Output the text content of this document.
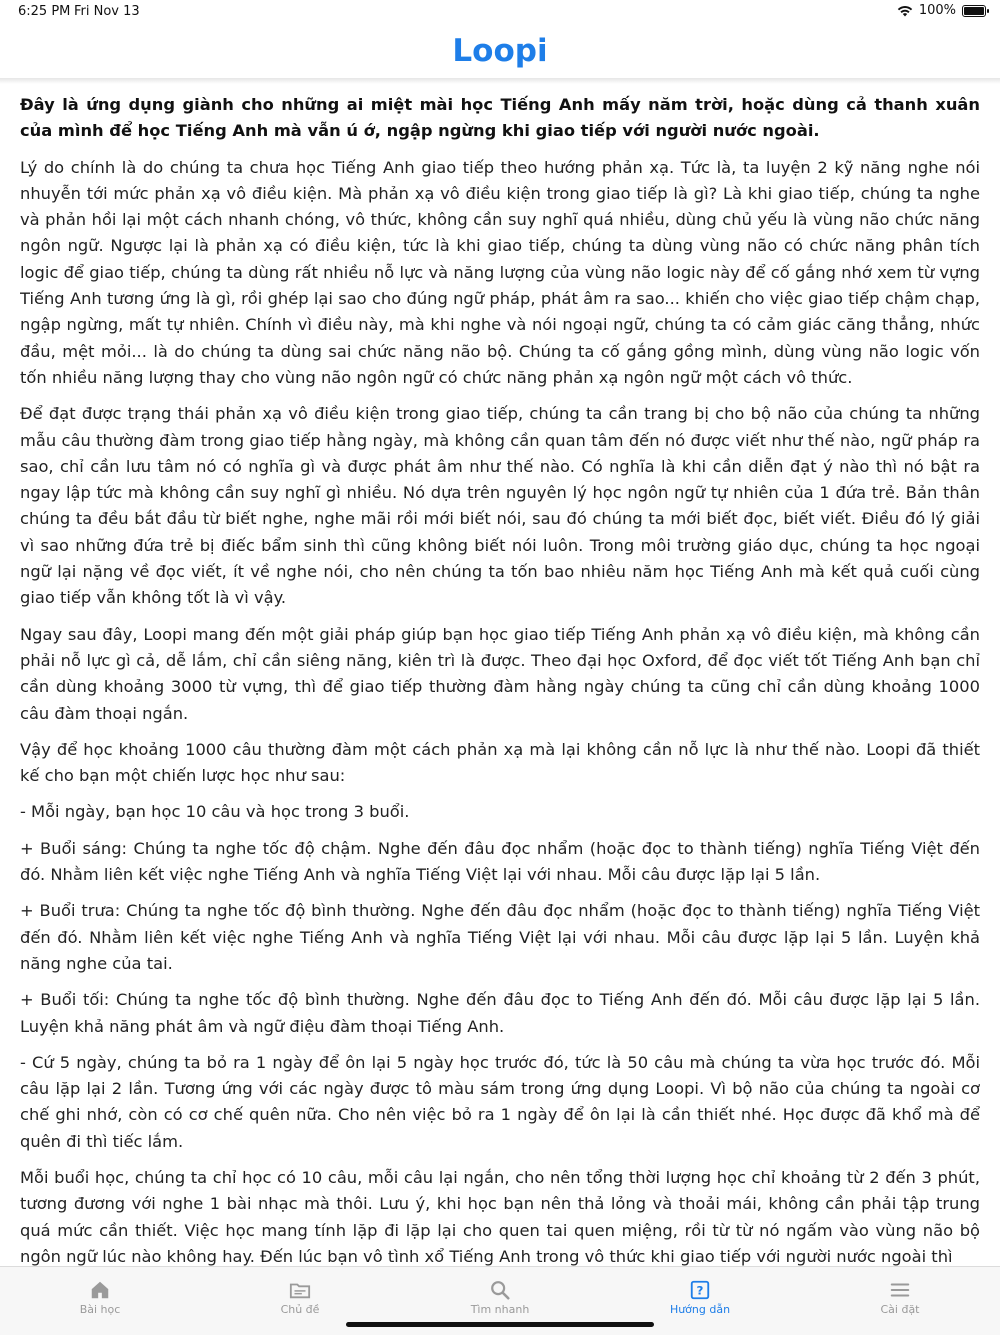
6:25 PM Fri Nov 13	100%
Loopi

Đây là ứng dụng giành cho những ai miệt mài học Tiếng Anh mấy năm trời, hoặc dùng cả thanh xuân của mình để học Tiếng Anh mà vẫn ú ớ, ngập ngừng khi giao tiếp với người nước ngoài.

Lý do chính là do chúng ta chưa học Tiếng Anh giao tiếp theo hướng phản xạ. Tức là, ta luyện 2 kỹ năng nghe nói nhuyễn tới mức phản xạ vô điều kiện. Mà phản xạ vô điều kiện trong giao tiếp là gì? Là khi giao tiếp, chúng ta nghe và phản hồi lại một cách nhanh chóng, vô thức, không cần suy nghĩ quá nhiều, dùng chủ yếu là vùng não chức năng ngôn ngữ. Ngược lại là phản xạ có điều kiện, tức là khi giao tiếp, chúng ta dùng vùng não có chức năng phân tích logic để giao tiếp, chúng ta dùng rất nhiều nỗ lực và năng lượng của vùng não logic này để cố gắng nhớ xem từ vựng Tiếng Anh tương ứng là gì, rồi ghép lại sao cho đúng ngữ pháp, phát âm ra sao... khiến cho việc giao tiếp chậm chạp, ngập ngừng, mất tự nhiên. Chính vì điều này, mà khi nghe và nói ngoại ngữ, chúng ta có cảm giác căng thẳng, nhức đầu, mệt mỏi... là do chúng ta dùng sai chức năng não bộ. Chúng ta cố gắng gồng mình, dùng vùng não logic vốn tốn nhiều năng lượng thay cho vùng não ngôn ngữ có chức năng phản xạ ngôn ngữ một cách vô thức.

Để đạt được trạng thái phản xạ vô điều kiện trong giao tiếp, chúng ta cần trang bị cho bộ não của chúng ta những mẫu câu thường đàm trong giao tiếp hằng ngày, mà không cần quan tâm đến nó được viết như thế nào, ngữ pháp ra sao, chỉ cần lưu tâm nó có nghĩa gì và được phát âm như thế nào. Có nghĩa là khi cần diễn đạt ý nào thì nó bật ra ngay lập tức mà không cần suy nghĩ gì nhiều. Nó dựa trên nguyên lý học ngôn ngữ tự nhiên của 1 đứa trẻ. Bản thân chúng ta đều bắt đầu từ biết nghe, nghe mãi rồi mới biết nói, sau đó chúng ta mới biết đọc, biết viết. Điều đó lý giải vì sao những đứa trẻ bị điếc bẩm sinh thì cũng không biết nói luôn. Trong môi trường giáo dục, chúng ta học ngoại ngữ lại nặng về đọc viết, ít về nghe nói, cho nên chúng ta tốn bao nhiêu năm học Tiếng Anh mà kết quả cuối cùng giao tiếp vẫn không tốt là vì vậy.

Ngay sau đây, Loopi mang đến một giải pháp giúp bạn học giao tiếp Tiếng Anh phản xạ vô điều kiện, mà không cần phải nỗ lực gì cả, dễ lắm, chỉ cần siêng năng, kiên trì là được. Theo đại học Oxford, để đọc viết tốt Tiếng Anh bạn chỉ cần dùng khoảng 3000 từ vựng, thì để giao tiếp thường đàm hằng ngày chúng ta cũng chỉ cần dùng khoảng 1000 câu đàm thoại ngắn.

Vậy để học khoảng 1000 câu thường đàm một cách phản xạ mà lại không cần nỗ lực là như thế nào. Loopi đã thiết kế cho bạn một chiến lược học như sau:

- Mỗi ngày, bạn học 10 câu và học trong 3 buổi.

+ Buổi sáng: Chúng ta nghe tốc độ chậm. Nghe đến đâu đọc nhẩm (hoặc đọc to thành tiếng) nghĩa Tiếng Việt đến đó. Nhằm liên kết việc nghe Tiếng Anh và nghĩa Tiếng Việt lại với nhau. Mỗi câu được lặp lại 5 lần.

+ Buổi trưa: Chúng ta nghe tốc độ bình thường. Nghe đến đâu đọc nhẩm (hoặc đọc to thành tiếng) nghĩa Tiếng Việt đến đó. Nhằm liên kết việc nghe Tiếng Anh và nghĩa Tiếng Việt lại với nhau. Mỗi câu được lặp lại 5 lần. Luyện khả năng nghe của tai.

+ Buổi tối: Chúng ta nghe tốc độ bình thường. Nghe đến đâu đọc to Tiếng Anh đến đó. Mỗi câu được lặp lại 5 lần. Luyện khả năng phát âm và ngữ điệu đàm thoại Tiếng Anh.

- Cứ 5 ngày, chúng ta bỏ ra 1 ngày để ôn lại 5 ngày học trước đó, tức là 50 câu mà chúng ta vừa học trước đó. Mỗi câu lặp lại 2 lần. Tương ứng với các ngày được tô màu sám trong ứng dụng Loopi. Vì bộ não của chúng ta ngoài cơ chế ghi nhớ, còn có cơ chế quên nữa. Cho nên việc bỏ ra 1 ngày để ôn lại là cần thiết nhé. Học được đã khổ mà để quên đi thì tiếc lắm.

Mỗi buổi học, chúng ta chỉ học có 10 câu, mỗi câu lại ngắn, cho nên tổng thời lượng học chỉ khoảng từ 2 đến 3 phút, tương đương với nghe 1 bài nhạc mà thôi. Lưu ý, khi học bạn nên thả lỏng và thoải mái, không cần phải tập trung quá mức cần thiết. Việc học mang tính lặp đi lặp lại cho quen tai quen miệng, rồi từ từ nó ngấm vào vùng não bộ ngôn ngữ lúc nào không hay. Đến lúc bạn vô tình xổ Tiếng Anh trong vô thức khi giao tiếp với người nước ngoài thì

Bài học	Chủ đề	Tìm nhanh
?
Hướng dẫn	Cài đặt
